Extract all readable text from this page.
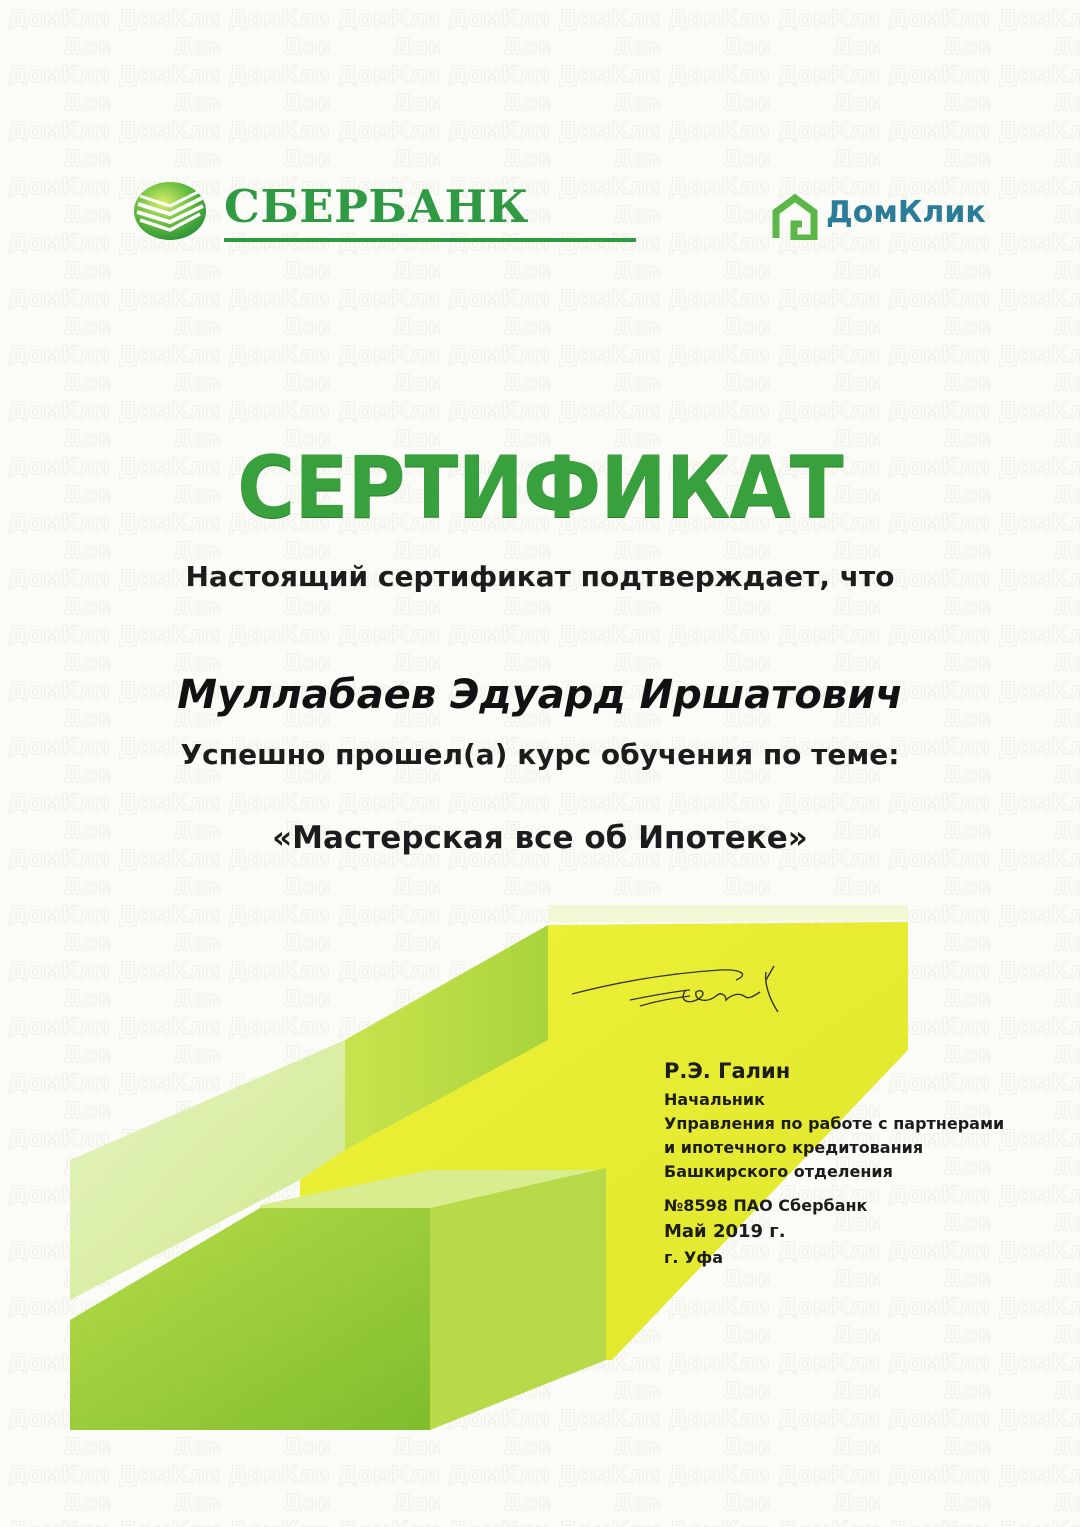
СБЕРБАНК	ДомКлик
СЕРТИФИКАТ
Настоящий сертификат подтверждает, что
Муллабаев Эдуард Иршатович
Успешно прошел(а) курс обучения по теме:
«Мастерская все об Ипотеке»
Р.Э. Галин
Начальник
Управления по работе с партнерами
и ипотечного кредитования
Башкирского отделения
№8598 ПАО Сбербанк
Май 2019 г.
г. Уфа
